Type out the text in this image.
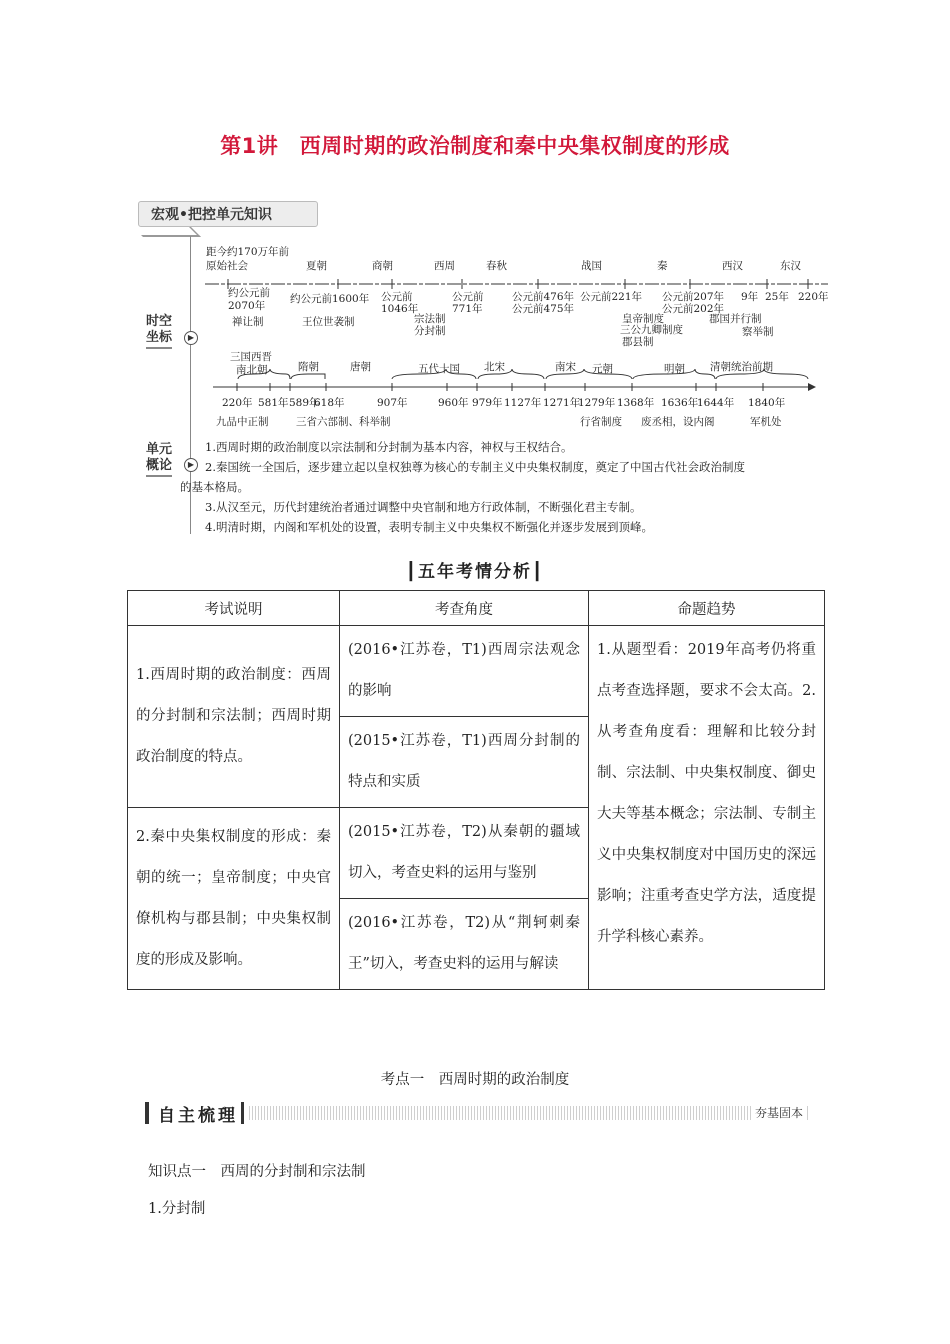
第1讲　西周时期的政治制度和秦中央集权制度的形成
宏观•把控单元知识
时空
坐标	▶
单元
概论	▶
距今约170万年前
原始社会	夏朝	商朝	西周	春秋	战国	秦	西汉	东汉
约公元前
2070年
约公元前1600年 公元前
1046年
公元前
771年
公元前476年
公元前475年
公元前221年 公元前207年
公元前202年
9年 25年 220年
禅让制	王位世袭制	宗法制
分封制
皇帝制度
三公九卿制度
郡县制
郡国并行制
察举制
三国西晋
南北朝	隋朝	唐朝	五代十国 北宋	南宋 元朝	明朝 清朝统治前期
220年 581年 589年
618年	907年	960年 979年 1127年 1271年
1279年 1368年 1636年
1644年 1840年
九品中正制	三省六部制、科举制	行省制度 废丞相，设内阁	军机处

1.西周时期的政治制度以宗法制和分封制为基本内容，神权与王权结合。

2.秦国统一全国后，逐步建立起以皇权独尊为核心的专制主义中央集权制度，奠定了中国古代社会政治制度

的基本格局。

3.从汉至元，历代封建统治者通过调整中央官制和地方行政体制，不断强化君主专制。

4.明清时期，内阁和军机处的设置，表明专制主义中央集权不断强化并逐步发展到顶峰。

┃五年考情分析┃
考试说明	考查角度	命题趋势
1.西周时期的政治制度：西周的分封制和宗法制；西周时期政治制度的特点。	(2016•江苏卷，T1)西周宗法观念的影响	1.从题型看：2019年高考仍将重点考查选择题，要求不会太高。2.从考查角度看：理解和比较分封制、宗法制、中央集权制度、御史大夫等基本概念；宗法制、专制主义中央集权制度对中国历史的深远影响；注重考查史学方法，适度提升学科核心素养。
	(2015•江苏卷，T1)西周分封制的特点和实质	
2.秦中央集权制度的形成：秦朝的统一；皇帝制度；中央官僚机构与郡县制；中央集权制度的形成及影响。	(2015•江苏卷，T2)从秦朝的疆域切入，考查史料的运用与鉴别	
	(2016•江苏卷，T2)从“荆轲刺秦王”切入，考查史料的运用与解读	
考点一　西周时期的政治制度
自主梳理	夯基固本
知识点一　西周的分封制和宗法制
1.分封制
